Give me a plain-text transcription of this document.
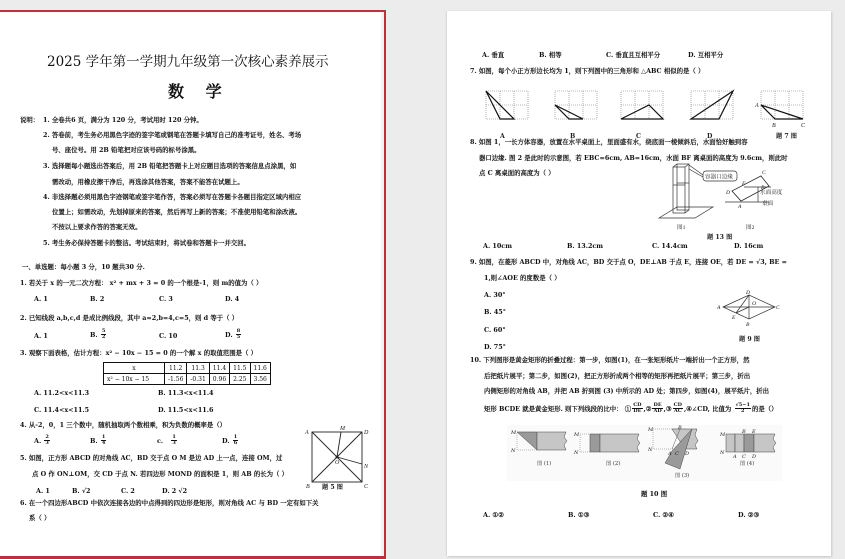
2025 学年第一学期九年级第一次核心素养展示
数 学
说明： 1. 全卷共6 页，满分为 120 分，考试用时 120 分钟。
2. 答卷前，考生务必用黑色字迹的签字笔或钢笔在答题卡填写自己的准考证号，姓名、考场
号、座位号。用 2B 铅笔把对应该号码的标号涂黑。
3. 选择题每小题选出答案后，用 2B 铅笔把答题卡上对应题目选项的答案信息点涂黑，如
需改动，用橡皮擦干净后，再选涂其他答案，答案不能答在试题上。
4. 非选择题必须用黑色字迹钢笔或签字笔作答，答案必须写在答题卡各题目指定区域内相应
位置上；如需改动，先划掉原来的答案，然后再写上新的答案；不准使用铅笔和涂改液。
不按以上要求作答的答案无效。
5. 考生务必保持答题卡的整洁。考试结束时，将试卷和答题卡一并交回。
一、单选题：每小题 3 分，10 题共30 分.
1. 若关于 x 的一元二次方程： x² + mx + 3 = 0 的一个根是-1，则 m的值为（ ）
A. 1	B. 2	C. 3	D. 4
2. 已知线段 a,b,c,d 是成比例线段，其中 a=2,b=4,c=5，则 d 等于（ ）
A. 1	B. $\frac{5}{2}$	C. 10	D. $\frac{8}{5}$
3. 观察下面表格，估计方程：x² − 10x − 15 = 0 的一个解 x 的取值范围是（ ）
x	11.2	11.3	11.4	11.5	11.6
x² − 10x − 15	-1.56	-0.31	0.96	2.25	3.56
A. 11.2<x<11.3	B. 11.3<x<11.4
C. 11.4<x<11.5	D. 11.5<x<11.6
4. 从-2，0，1 三个数中，随机抽取两个数相乘，积为负数的概率是（）
A. $\frac{2}{3}$	B. $\frac{1}{4}$	c. $\frac{1}{3}$	D. $\frac{1}{6}$
5. 如图，正方形 ABCD 的对角线 AC，BD 交于点 O M 是边 AD 上一点，连接 OM，过
点 O 作 ON⊥OM，交 CD 于点 N. 若四边形 MOND 的面积是 1，则 AB 的长为（ ）
A. 1	B. √2	C. 2	D. 2 √2
A
M
D
O
N
B	C
题 5 图
6. 在一个四边形ABCD 中依次连接各边的中点得到的四边形是矩形，则对角线 AC 与 BD 一定有如下关
系（ ）
A. 垂直	B. 相等	C. 垂直且互相平分	D. 互相平分
7. 如图，每个小正方形边长均为 1，则下列图中的三角形和 △ABC 相似的是（ ）
A
B	C
A	B	C	D	题 7 图
8. 如图 1，一长方体容器，放置在水平桌面上，里面盛有水，绕底面一棱倾斜后，水面恰好触到容
器口边缘. 图 2 是此时的示意图，若 EBC=6cm, AB=16cm，水面 BF 离桌面的高度为 9.6cm，则此时
点 C 离桌面的高度为（ ）
容器口边缘
水面高度
桌面
图1	图2
C
F
B
D
A
题 13 图
A. 10cm	B. 13.2cm	C. 14.4cm	D. 16cm
9. 如图，在菱形 ABCD 中，对角线 AC，BD 交于点 O，DE⊥AB 于点 E，连接 OE，若 DE = √3, BE =
1,则∠AOE 的度数是（ ）
A. 30°
B. 45°
C. 60°
D. 75°
D
A
O
C
E
B
题 9 图
10. 下列图形是黄金矩形的折叠过程：第一步，如图(1)，在一张矩形纸片一端折出一个正方形，然
后把纸片展平；第二步，如图(2)，把正方形折成两个相等的矩形再把纸片展平；第三步，折出
内侧矩形的对角线 AB，并把 AB 折到图 (3) 中所示的 AD 处；第四步，如图(4)，展平纸片，折出
矩形 BCDE 就是黄金矩形. 则下列线段的比中： ① $\frac{CD}{DE}$ ,② $\frac{DE}{AD}$ ,③ $\frac{CD}{AC}$ ,④∠CD, 比值为 $\frac{√5-1}{2}$ 的是（）
M
N
M
N
M	B
N
A C D
M
N
B E
A C D
图 (1)	图 (2)
图 (3)
图 (4)
题 10 图
A. ①②	B. ①③	C. ②④	D. ②③
